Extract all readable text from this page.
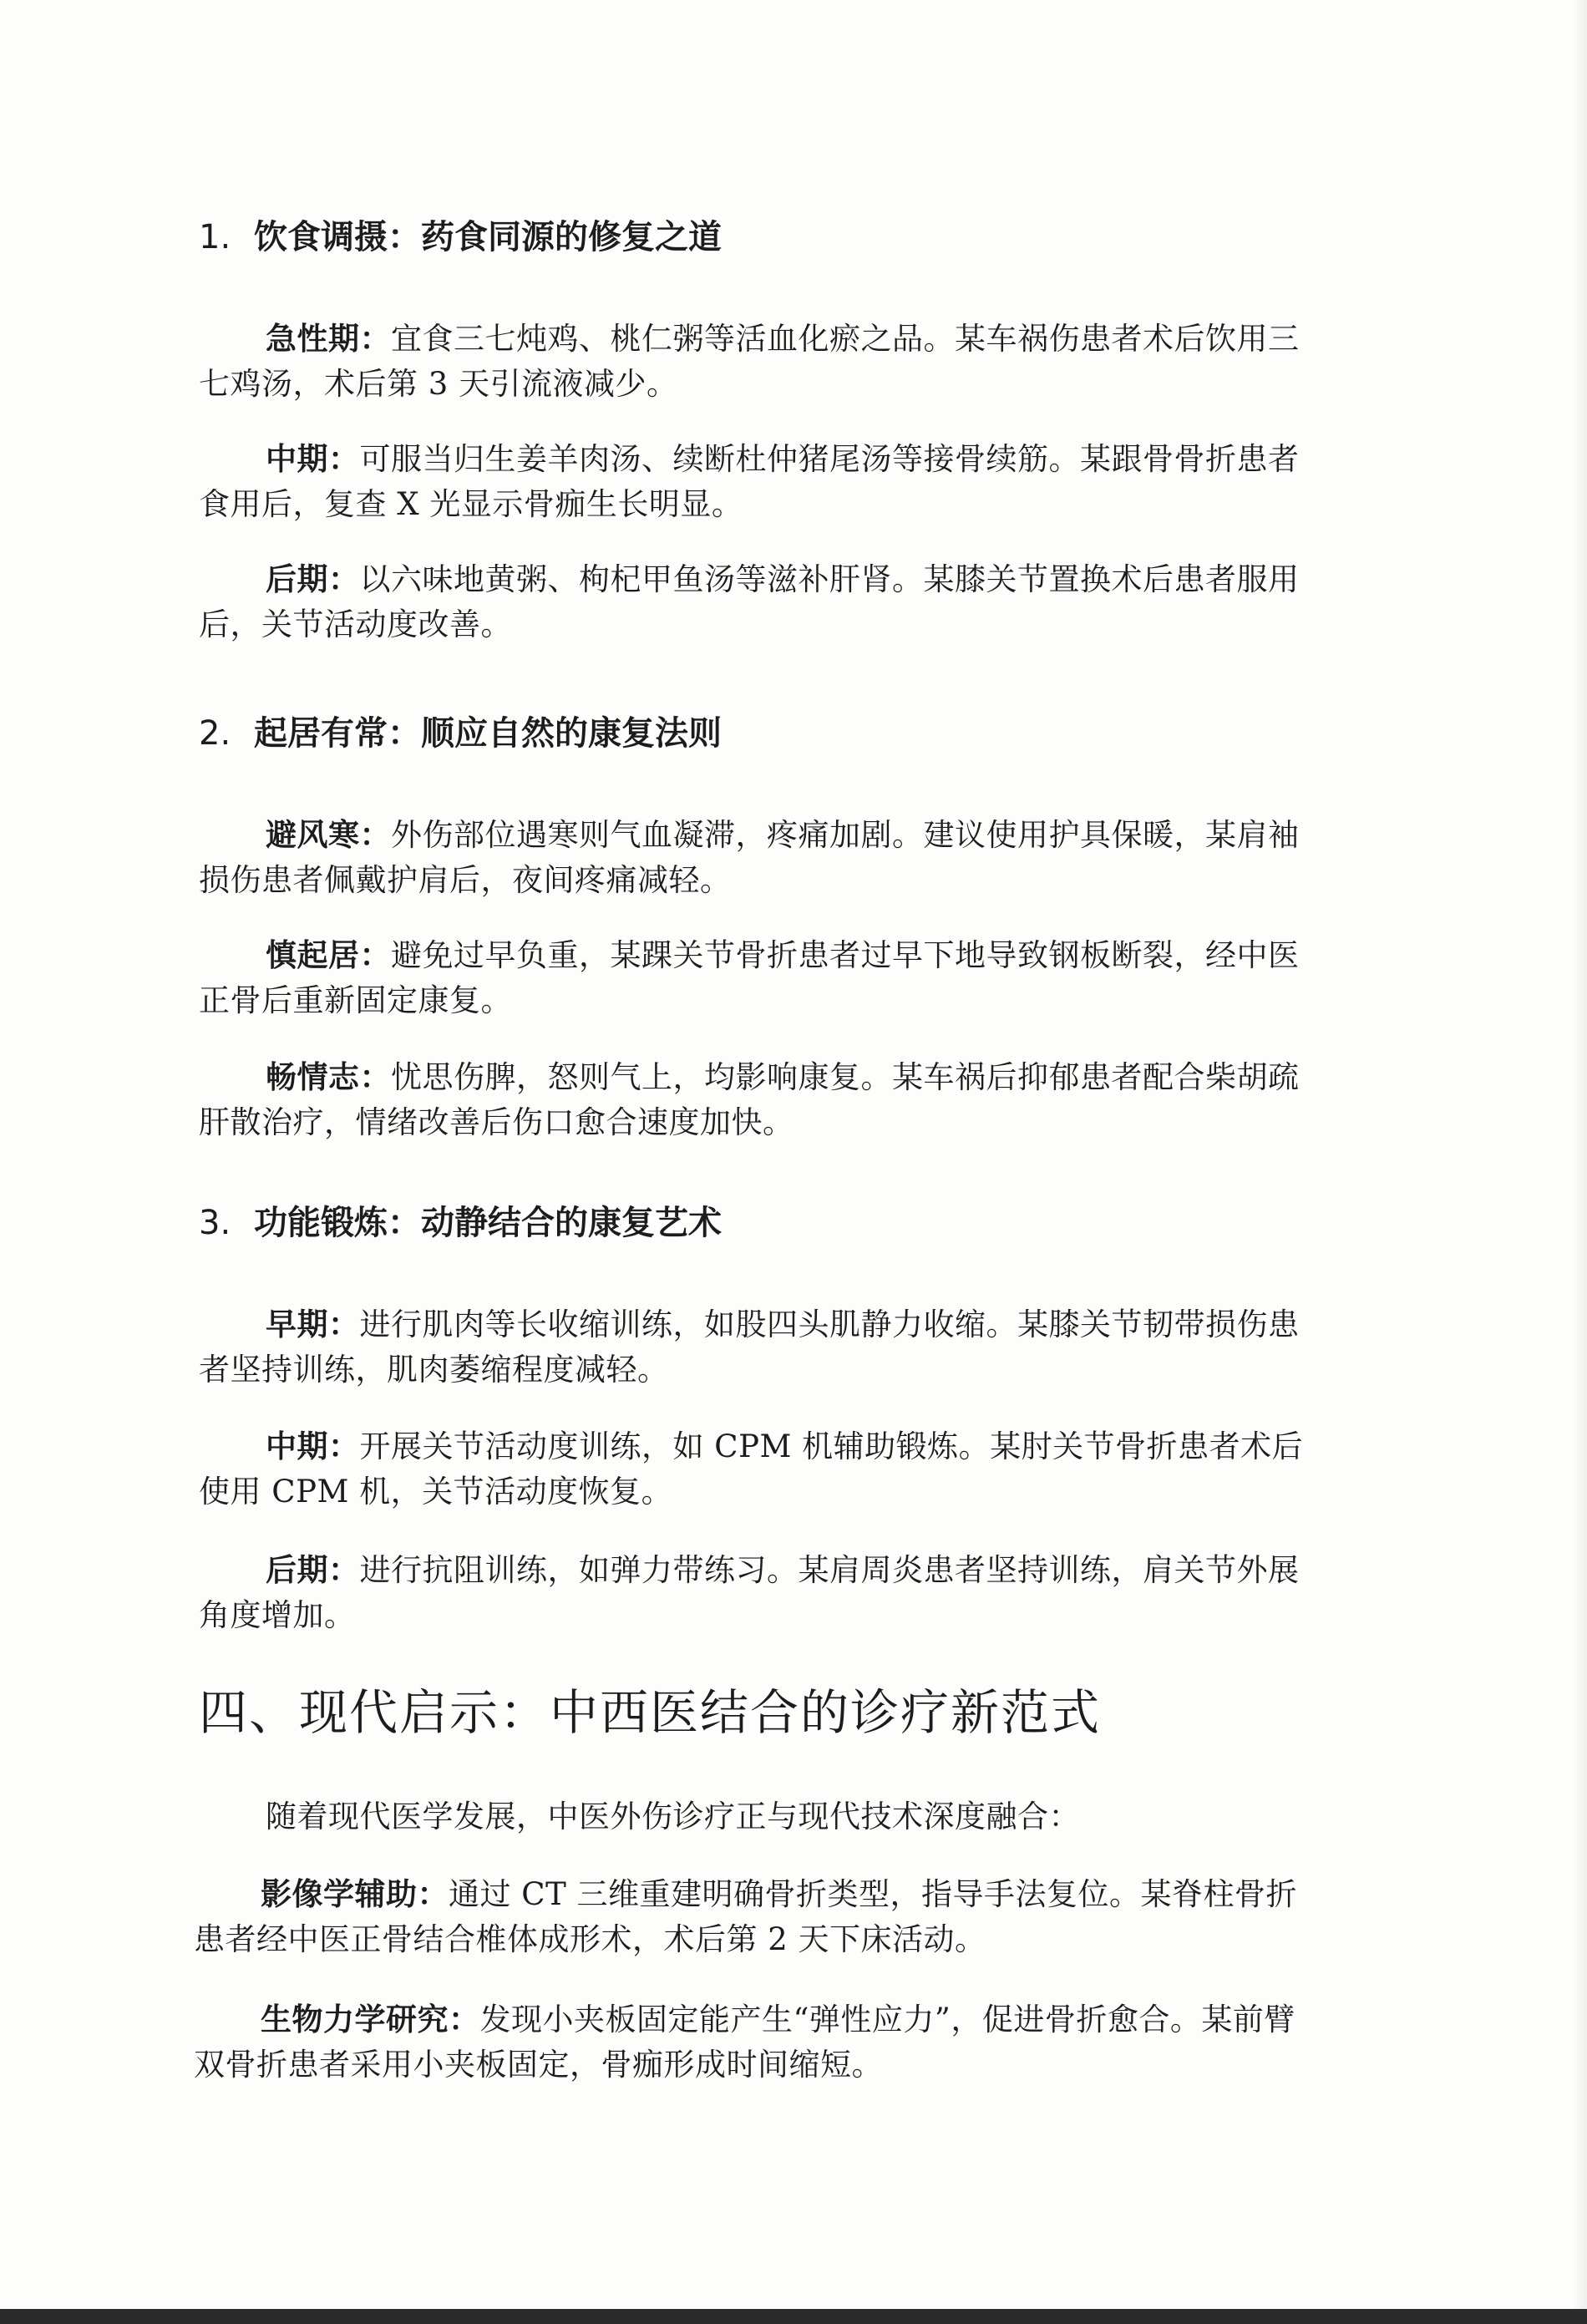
1. 饮食调摄：药食同源的修复之道

急性期：宜食三七炖鸡、桃仁粥等活血化瘀之品。某车祸伤患者术后饮用三七鸡汤，术后第 3 天引流液减少。

中期：可服当归生姜羊肉汤、续断杜仲猪尾汤等接骨续筋。某跟骨骨折患者食用后，复查 X 光显示骨痂生长明显。

后期：以六味地黄粥、枸杞甲鱼汤等滋补肝肾。某膝关节置换术后患者服用后，关节活动度改善。

2. 起居有常：顺应自然的康复法则

避风寒：外伤部位遇寒则气血凝滞，疼痛加剧。建议使用护具保暖，某肩袖损伤患者佩戴护肩后，夜间疼痛减轻。

慎起居：避免过早负重，某踝关节骨折患者过早下地导致钢板断裂，经中医正骨后重新固定康复。

畅情志：忧思伤脾，怒则气上，均影响康复。某车祸后抑郁患者配合柴胡疏肝散治疗，情绪改善后伤口愈合速度加快。

3. 功能锻炼：动静结合的康复艺术

早期：进行肌肉等长收缩训练，如股四头肌静力收缩。某膝关节韧带损伤患者坚持训练，肌肉萎缩程度减轻。

中期：开展关节活动度训练，如 CPM 机辅助锻炼。某肘关节骨折患者术后使用 CPM 机，关节活动度恢复。

后期：进行抗阻训练，如弹力带练习。某肩周炎患者坚持训练，肩关节外展角度增加。

四、现代启示：中西医结合的诊疗新范式

随着现代医学发展，中医外伤诊疗正与现代技术深度融合：

影像学辅助：通过 CT 三维重建明确骨折类型，指导手法复位。某脊柱骨折患者经中医正骨结合椎体成形术，术后第 2 天下床活动。

生物力学研究：发现小夹板固定能产生“弹性应力”，促进骨折愈合。某前臂双骨折患者采用小夹板固定，骨痂形成时间缩短。
